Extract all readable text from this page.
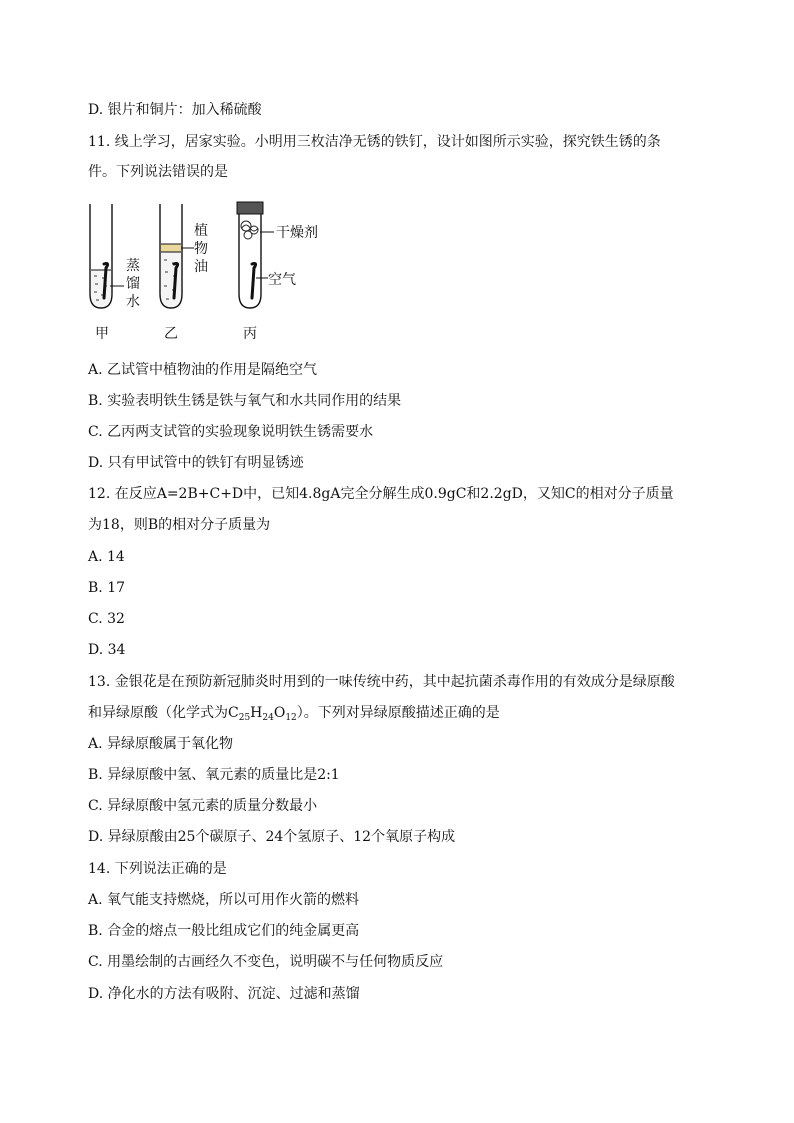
D. 银片和铜片：加入稀硫酸
11. 线上学习，居家实验。小明用三枚洁净无锈的铁钉，设计如图所示实验，探究铁生锈的条
件。下列说法错误的是
蒸
馏
水
甲
植
物
油
乙
干燥剂
空气
丙
A. 乙试管中植物油的作用是隔绝空气
B. 实验表明铁生锈是铁与氧气和水共同作用的结果
C. 乙丙两支试管的实验现象说明铁生锈需要水
D. 只有甲试管中的铁钉有明显锈迹
12. 在反应A=2B+C+D中，已知4.8gA完全分解生成0.9gC和2.2gD，又知C的相对分子质量
为18，则B的相对分子质量为
A. 14
B. 17
C. 32
D. 34
13. 金银花是在预防新冠肺炎时用到的一味传统中药，其中起抗菌杀毒作用的有效成分是绿原酸
和异绿原酸（化学式为$C_{25}H_{24}O_{12}$）。下列对异绿原酸描述正确的是
A. 异绿原酸属于氧化物
B. 异绿原酸中氢、氧元素的质量比是2:1
C. 异绿原酸中氢元素的质量分数最小
D. 异绿原酸由25个碳原子、24个氢原子、12个氧原子构成
14. 下列说法正确的是
A. 氧气能支持燃烧，所以可用作火箭的燃料
B. 合金的熔点一般比组成它们的纯金属更高
C. 用墨绘制的古画经久不变色，说明碳不与任何物质反应
D. 净化水的方法有吸附、沉淀、过滤和蒸馏
